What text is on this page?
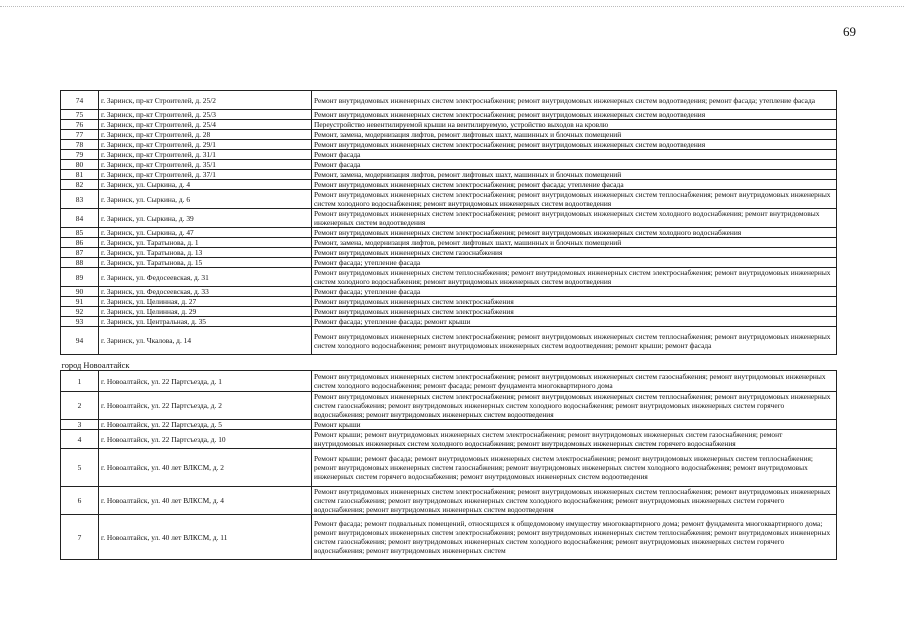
69
74	г. Заринск, пр-кт Строителей, д. 25/2	Ремонт внутридомовых инженерных систем электроснабжения; ремонт внутридомовых инженерных систем водоотведения; ремонт фасада; утепление фасада
75	г. Заринск, пр-кт Строителей, д. 25/3	Ремонт внутридомовых инженерных систем электроснабжения; ремонт внутридомовых инженерных систем водоотведения
76	г. Заринск, пр-кт Строителей, д. 25/4	Переустройство невентилируемой крыши на вентилируемую, устройство выходов на кровлю
77	г. Заринск, пр-кт Строителей, д. 28	Ремонт, замена, модернизация лифтов, ремонт лифтовых шахт, машинных и блочных помещений
78	г. Заринск, пр-кт Строителей, д. 29/1	Ремонт внутридомовых инженерных систем электроснабжения; ремонт внутридомовых инженерных систем водоотведения
79	г. Заринск, пр-кт Строителей, д. 31/1	Ремонт фасада
80	г. Заринск, пр-кт Строителей, д. 35/1	Ремонт фасада
81	г. Заринск, пр-кт Строителей, д. 37/1	Ремонт, замена, модернизация лифтов, ремонт лифтовых шахт, машинных и блочных помещений
82	г. Заринск, ул. Сыркина, д. 4	Ремонт внутридомовых инженерных систем электроснабжения; ремонт фасада; утепление фасада
83	г. Заринск, ул. Сыркина, д. 6	Ремонт внутридомовых инженерных систем электроснабжения; ремонт внутридомовых инженерных систем теплоснабжения; ремонт внутридомовых инженерных систем холодного водоснабжения; ремонт внутридомовых инженерных систем водоотведения
84	г. Заринск, ул. Сыркина, д. 39	Ремонт внутридомовых инженерных систем электроснабжения; ремонт внутридомовых инженерных систем холодного водоснабжения; ремонт внутридомовых инженерных систем водоотведения
85	г. Заринск, ул. Сыркина, д. 47	Ремонт внутридомовых инженерных систем электроснабжения; ремонт внутридомовых инженерных систем холодного водоснабжения
86	г. Заринск, ул. Таратынова, д. 1	Ремонт, замена, модернизация лифтов, ремонт лифтовых шахт, машинных и блочных помещений
87	г. Заринск, ул. Таратынова, д. 13	Ремонт внутридомовых инженерных систем газоснабжения
88	г. Заринск, ул. Таратынова, д. 15	Ремонт фасада; утепление фасада
89	г. Заринск, ул. Федосеевская, д. 31	Ремонт внутридомовых инженерных систем теплоснабжения; ремонт внутридомовых инженерных систем электроснабжения; ремонт внутридомовых инженерных систем холодного водоснабжения; ремонт внутридомовых инженерных систем водоотведения
90	г. Заринск, ул. Федосеевская, д. 33	Ремонт фасада; утепление фасада
91	г. Заринск, ул. Целинная, д. 27	Ремонт внутридомовых инженерных систем электроснабжения
92	г. Заринск, ул. Целинная, д. 29	Ремонт внутридомовых инженерных систем электроснабжения
93	г. Заринск, ул. Центральная, д. 35	Ремонт фасада; утепление фасада; ремонт крыши
94	г. Заринск, ул. Чкалова, д. 14	Ремонт внутридомовых инженерных систем электроснабжения; ремонт внутридомовых инженерных систем теплоснабжения; ремонт внутридомовых инженерных систем холодного водоснабжения; ремонт внутридомовых инженерных систем водоотведения; ремонт крыши; ремонт фасада
город Новоалтайск		
1	г. Новоалтайск, ул. 22 Партсъезда, д. 1	Ремонт внутридомовых инженерных систем электроснабжения; ремонт внутридомовых инженерных систем газоснабжения; ремонт внутридомовых инженерных систем холодного водоснабжения; ремонт фасада; ремонт фундамента многоквартирного дома
2	г. Новоалтайск, ул. 22 Партсъезда, д. 2	Ремонт внутридомовых инженерных систем электроснабжения; ремонт внутридомовых инженерных систем теплоснабжения; ремонт внутридомовых инженерных систем газоснабжения; ремонт внутридомовых инженерных систем холодного водоснабжения; ремонт внутридомовых инженерных систем горячего водоснабжения; ремонт внутридомовых инженерных систем водоотведения
3	г. Новоалтайск, ул. 22 Партсъезда, д. 5	Ремонт крыши
4	г. Новоалтайск, ул. 22 Партсъезда, д. 10	Ремонт крыши; ремонт внутридомовых инженерных систем электроснабжения; ремонт внутридомовых инженерных систем газоснабжения; ремонт внутридомовых инженерных систем холодного водоснабжения; ремонт внутридомовых инженерных систем горячего водоснабжения
5	г. Новоалтайск, ул. 40 лет ВЛКСМ, д. 2	Ремонт крыши; ремонт фасада; ремонт внутридомовых инженерных систем электроснабжения; ремонт внутридомовых инженерных систем теплоснабжения; ремонт внутридомовых инженерных систем газоснабжения; ремонт внутридомовых инженерных систем холодного водоснабжения; ремонт внутридомовых инженерных систем горячего водоснабжения; ремонт внутридомовых инженерных систем водоотведения
6	г. Новоалтайск, ул. 40 лет ВЛКСМ, д. 4	Ремонт внутридомовых инженерных систем электроснабжения; ремонт внутридомовых инженерных систем теплоснабжения; ремонт внутридомовых инженерных систем газоснабжения; ремонт внутридомовых инженерных систем холодного водоснабжения; ремонт внутридомовых инженерных систем горячего водоснабжения; ремонт внутридомовых инженерных систем водоотведения
7	г. Новоалтайск, ул. 40 лет ВЛКСМ, д. 11	Ремонт фасада; ремонт подвальных помещений, относящихся к общедомовому имуществу многоквартирного дома; ремонт фундамента многоквартирного дома; ремонт внутридомовых инженерных систем электроснабжения; ремонт внутридомовых инженерных систем теплоснабжения; ремонт внутридомовых инженерных систем газоснабжения; ремонт внутридомовых инженерных систем холодного водоснабжения; ремонт внутридомовых инженерных систем горячего водоснабжения; ремонт внутридомовых инженерных систем
